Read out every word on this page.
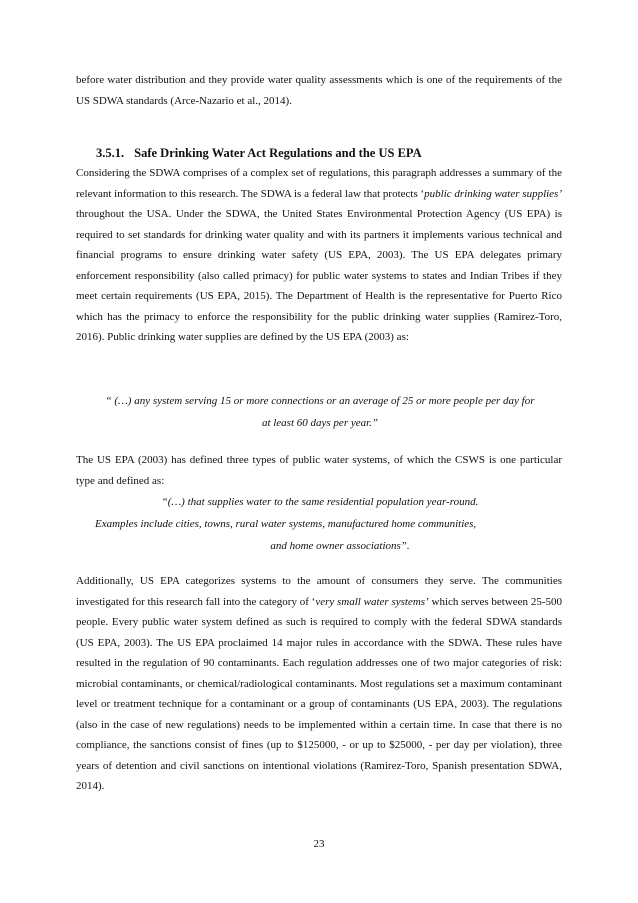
before water distribution and they provide water quality assessments which is one of the requirements of the US SDWA standards (Arce-Nazario et al., 2014).
3.5.1. Safe Drinking Water Act Regulations and the US EPA
Considering the SDWA comprises of a complex set of regulations, this paragraph addresses a summary of the relevant information to this research. The SDWA is a federal law that protects ‘public drinking water supplies’ throughout the USA. Under the SDWA, the United States Environmental Protection Agency (US EPA) is required to set standards for drinking water quality and with its partners it implements various technical and financial programs to ensure drinking water safety (US EPA, 2003). The US EPA delegates primary enforcement responsibility (also called primacy) for public water systems to states and Indian Tribes if they meet certain requirements (US EPA, 2015). The Department of Health is the representative for Puerto Rico which has the primacy to enforce the responsibility for the public drinking water supplies (Ramirez-Toro, 2016). Public drinking water supplies are defined by the US EPA (2003) as:
“ (…) any system serving 15 or more connections or an average of 25 or more people per day for
at least 60 days per year.”
The US EPA (2003) has defined three types of public water systems, of which the CSWS is one particular type and defined as:
“(…) that supplies water to the same residential population year-round.
Examples include cities, towns, rural water systems, manufactured home communities,
and home owner associations”.
Additionally, US EPA categorizes systems to the amount of consumers they serve. The communities investigated for this research fall into the category of ‘very small water systems’ which serves between 25-500 people. Every public water system defined as such is required to comply with the federal SDWA standards (US EPA, 2003). The US EPA proclaimed 14 major rules in accordance with the SDWA. These rules have resulted in the regulation of 90 contaminants. Each regulation addresses one of two major categories of risk: microbial contaminants, or chemical/radiological contaminants. Most regulations set a maximum contaminant level or treatment technique for a contaminant or a group of contaminants (US EPA, 2003). The regulations (also in the case of new regulations) needs to be implemented within a certain time. In case that there is no compliance, the sanctions consist of fines (up to $125000, - or up to $25000, - per day per violation), three years of detention and civil sanctions on intentional violations (Ramirez-Toro, Spanish presentation SDWA, 2014).
23
